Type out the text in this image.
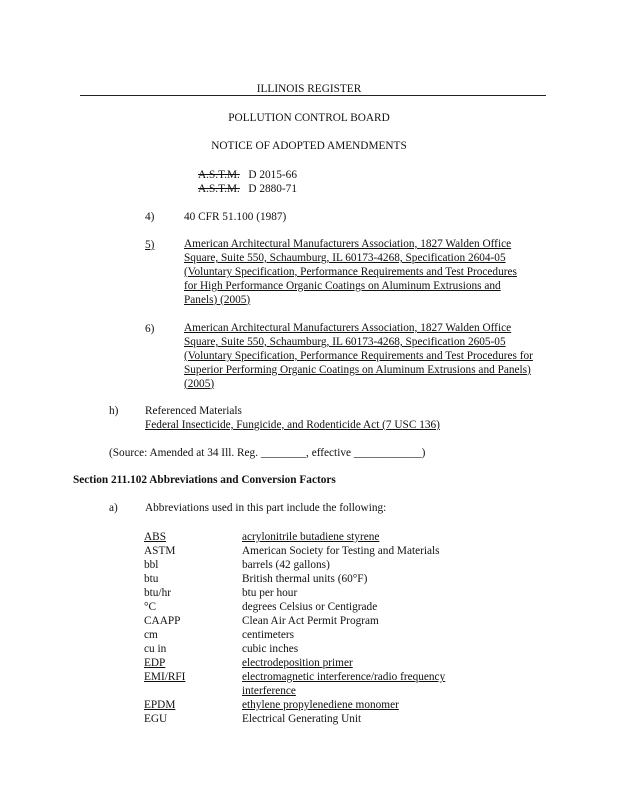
ILLINOIS REGISTER
POLLUTION CONTROL BOARD
NOTICE OF ADOPTED AMENDMENTS
A.S.T.M. D 2015-66
A.S.T.M. D 2880-71
4)	40 CFR 51.100 (1987)
5)	American Architectural Manufacturers Association, 1827 Walden Office Square, Suite 550, Schaumburg, IL 60173-4268, Specification 2604-05 (Voluntary Specification, Performance Requirements and Test Procedures for High Performance Organic Coatings on Aluminum Extrusions and Panels) (2005)
6)	American Architectural Manufacturers Association, 1827 Walden Office Square, Suite 550, Schaumburg, IL 60173-4268, Specification 2605-05 (Voluntary Specification, Performance Requirements and Test Procedures for Superior Performing Organic Coatings on Aluminum Extrusions and Panels) (2005)
h) Referenced Materials
Federal Insecticide, Fungicide, and Rodenticide Act (7 USC 136)
(Source: Amended at 34 Ill. Reg. ________, effective ____________)
Section 211.102 Abbreviations and Conversion Factors
a) Abbreviations used in this part include the following:
ABS	acrylonitrile butadiene styrene
ASTM	American Society for Testing and Materials
bbl	barrels (42 gallons)
btu	British thermal units (60°F)
btu/hr	btu per hour
°C	degrees Celsius or Centigrade
CAAPP	Clean Air Act Permit Program
cm	centimeters
cu in	cubic inches
EDP	electrodeposition primer
EMI/RFI	electromagnetic interference/radio frequency
interference
EPDM	ethylene propylenediene monomer
EGU	Electrical Generating Unit
